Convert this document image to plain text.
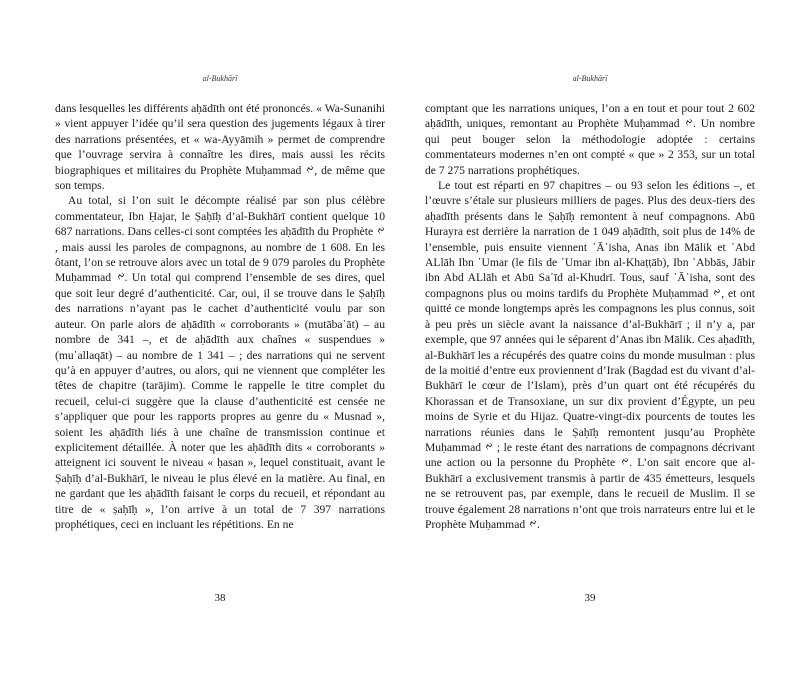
al-Bukhārī

dans lesquelles les différents aḥādīth ont été prononcés. « Wa-Sunanihi » vient appuyer l’idée qu’il sera question des jugements légaux à tirer des narrations présentées, et « wa-Ayyāmih » permet de comprendre que l’ouvrage servira à connaître les dires, mais aussi les récits biographiques et militaires du Prophète Muḥammad
, de même que son temps.

Au total, si l’on suit le décompte réalisé par son plus célèbre commentateur, Ibn Ḥajar, le Ṣaḥīḥ d’al-Bukhārī contient quelque 10 687 narrations. Dans celles-ci sont comptées les aḥādīth du Prophète
, mais aussi les paroles de compagnons, au nombre de 1 608. En les ôtant, l’on se retrouve alors avec un total de 9 079 paroles du Prophète Muḥammad
. Un total qui comprend l’ensemble de ses dires, quel que soit leur degré d’authenticité. Car, oui, il se trouve dans le Ṣaḥīḥ des narrations n’ayant pas le cachet d’authenticité voulu par son auteur. On parle alors de aḥādīth « corroborants » (mutāba῾āt) – au nombre de 341 –, et de aḥādīth aux chaînes « suspendues » (mu῾allaqāt) – au nombre de 1 341 – ; des narrations qui ne servent qu’à en appuyer d’autres, ou alors, qui ne viennent que compléter les têtes de chapitre (tarājim). Comme le rappelle le titre complet du recueil, celui-ci suggère que la clause d’authenticité est censée ne s’appliquer que pour les rapports propres au genre du « Musnad », soient les aḥādīth liés à une chaîne de transmission continue et explicitement détaillée. À noter que les aḥādīth dits « corroborants » atteignent ici souvent le niveau « ḥasan », lequel constituait, avant le Ṣaḥīḥ d’al-Bukhārī, le niveau le plus élevé en la matière. Au final, en ne gardant que les aḥādīth faisant le corps du recueil, et répondant au titre de « ṣaḥīḥ », l’on arrive à un total de 7 397 narrations prophétiques, ceci en incluant les répétitions. En ne

38
al-Bukhārī

comptant que les narrations uniques, l’on a en tout et pour tout 2 602 aḥādīth, uniques, remontant au Prophète Muḥammad
. Un nombre qui peut bouger selon la méthodologie adoptée : certains commentateurs modernes n’en ont compté « que » 2 353, sur un total de 7 275 narrations prophétiques.

Le tout est réparti en 97 chapitres – ou 93 selon les éditions –, et l’œuvre s’étale sur plusieurs milliers de pages. Plus des deux-tiers des aḥadīth présents dans le Ṣaḥīḥ remontent à neuf compagnons. Abū Hurayra est derrière la narration de 1 049 aḥādīth, soit plus de 14% de l’ensemble, puis ensuite viennent ῾Ā᾿isha, Anas ibn Mālik et ῾Abd ALlāh Ibn ῾Umar (le fils de ῾Umar ibn al-Khaṭṭāb), Ibn ῾Abbās, Jābir ibn Abd ALlāh et Abū Sa῾īd al-Khudrī. Tous, sauf ῾Ā᾿isha, sont des compagnons plus ou moins tardifs du Prophète Muḥammad
, et ont quitté ce monde longtemps après les compagnons les plus connus, soit à peu près un siècle avant la naissance d’al-Bukhārī ; il n’y a, par exemple, que 97 années qui le séparent d’Anas ibn Mālik. Ces aḥadīth, al-Bukhārī les a récupérés des quatre coins du monde musulman : plus de la moitié d’entre eux proviennent d’Irak (Bagdad est du vivant d’al-Bukhārī le cœur de l’Islam), près d’un quart ont été récupérés du Khorassan et de Transoxiane, un sur dix provient d’Égypte, un peu moins de Syrie et du Hijaz. Quatre-vingt-dix pourcents de toutes les narrations réunies dans le Ṣaḥīḥ remontent jusqu’au Prophète Muḥammad
; le reste étant des narrations de compagnons décrivant une action ou la personne du Prophète
. L’on sait encore que al-Bukhārī a exclusivement transmis à partir de 435 émetteurs, lesquels ne se retrouvent pas, par exemple, dans le recueil de Muslim. Il se trouve également 28 narrations n’ont que trois narrateurs entre lui et le Prophète Muḥammad
.

39
